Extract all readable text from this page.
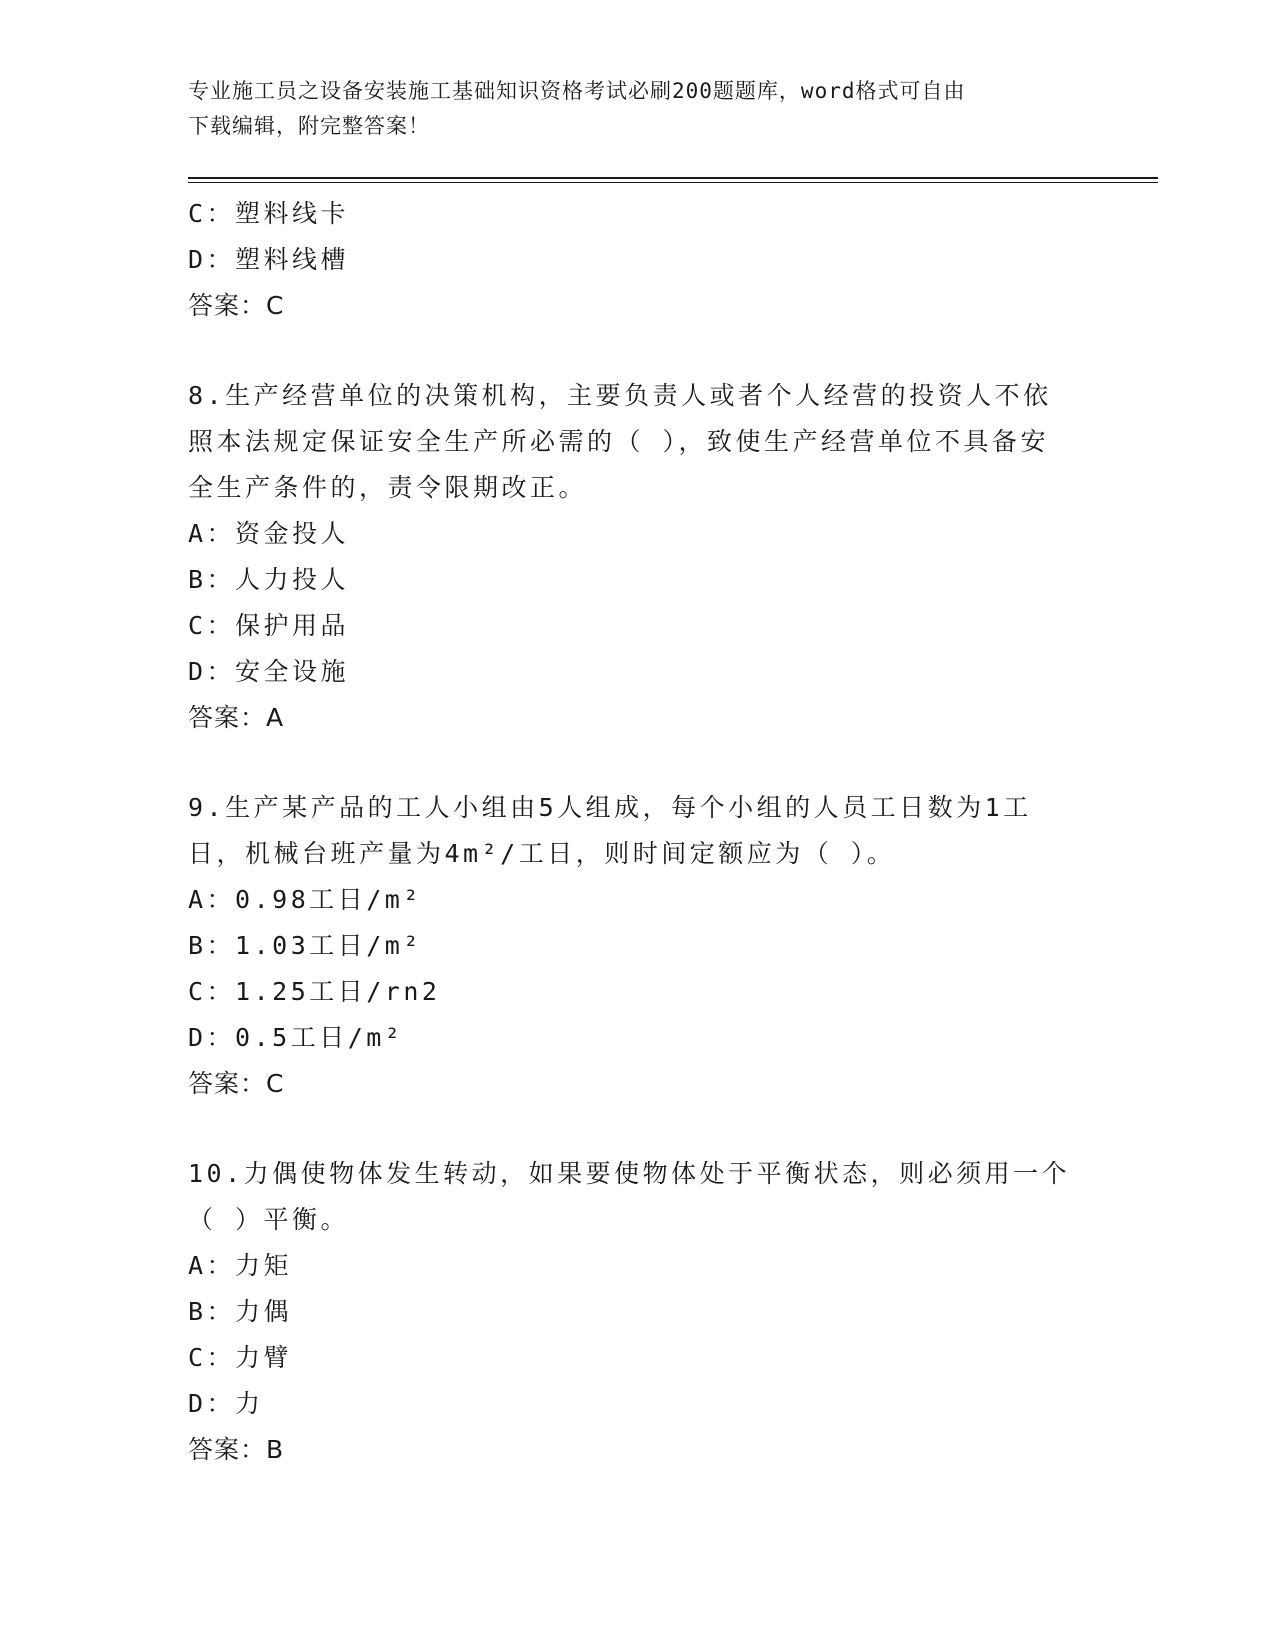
专业施工员之设备安装施工基础知识资格考试必刷200题题库，word格式可自由
下载编辑，附完整答案！
C：塑料线卡
D：塑料线槽
答案：C
8.生产经营单位的决策机构，主要负责人或者个人经营的投资人不依
照本法规定保证安全生产所必需的（ ），致使生产经营单位不具备安
全生产条件的，责令限期改正。
A：资金投人
B：人力投人
C：保护用品
D：安全设施
答案：A
9.生产某产品的工人小组由5人组成，每个小组的人员工日数为1工
日，机械台班产量为4m²/工日，则时间定额应为（ ）。
A：0.98工日/m²
B：1.03工日/m²
C：1.25工日/rn2
D：0.5工日/m²
答案：C
10.力偶使物体发生转动，如果要使物体处于平衡状态，则必须用一个
（ ）平衡。
A：力矩
B：力偶
C：力臂
D：力
答案：B
